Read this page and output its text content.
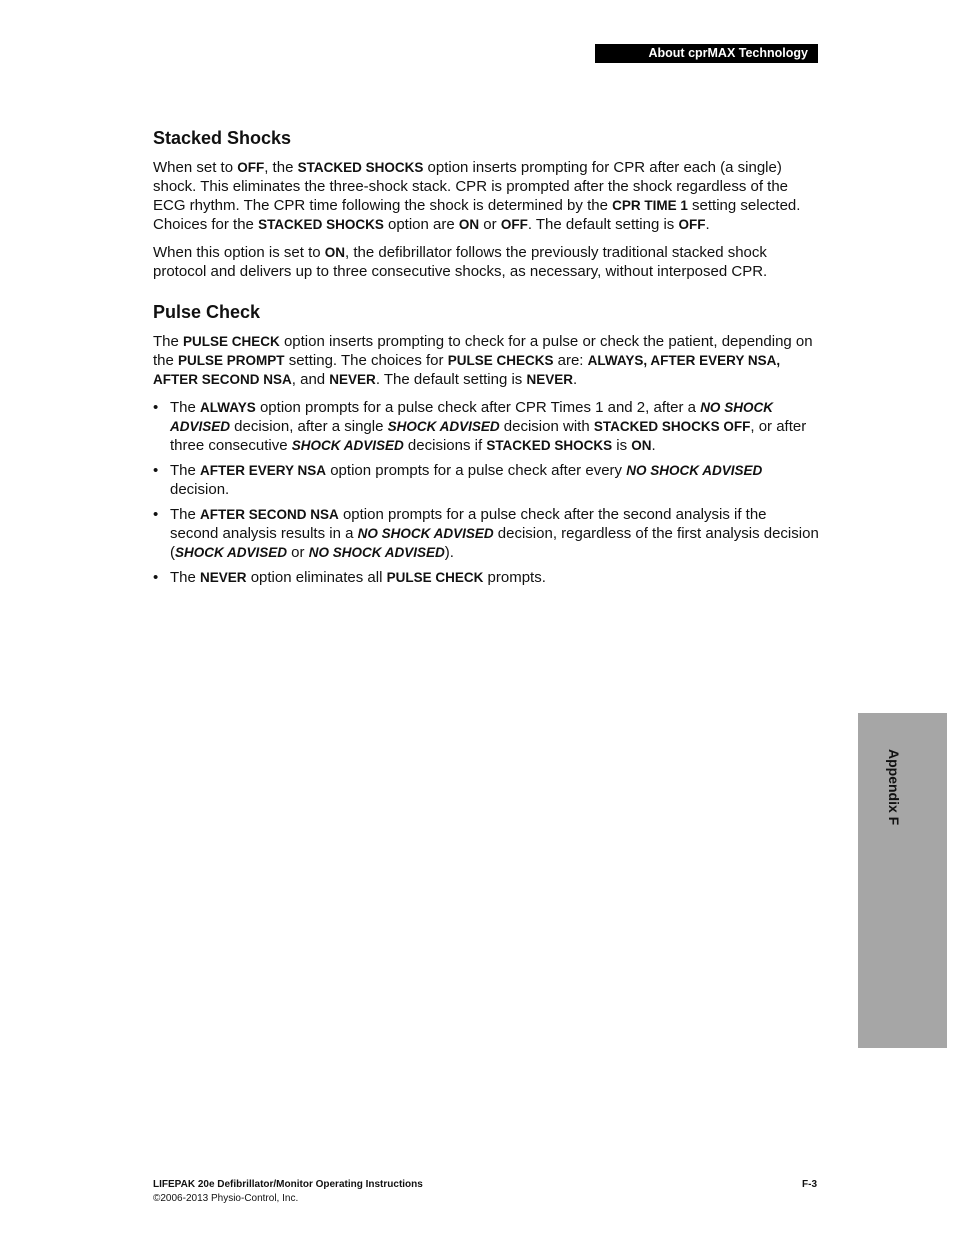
About cprMAX Technology
Stacked Shocks

When set to OFF, the STACKED SHOCKS option inserts prompting for CPR after each (a single) shock. This eliminates the three-shock stack. CPR is prompted after the shock regardless of the ECG rhythm. The CPR time following the shock is determined by the CPR TIME 1 setting selected. Choices for the STACKED SHOCKS option are ON or OFF. The default setting is OFF.

When this option is set to ON, the defibrillator follows the previously traditional stacked shock protocol and delivers up to three consecutive shocks, as necessary, without interposed CPR.

Pulse Check

The PULSE CHECK option inserts prompting to check for a pulse or check the patient, depending on the PULSE PROMPT setting. The choices for PULSE CHECKS are: ALWAYS, AFTER EVERY NSA, AFTER SECOND NSA, and NEVER. The default setting is NEVER.

• The ALWAYS option prompts for a pulse check after CPR Times 1 and 2, after a NO SHOCK ADVISED decision, after a single SHOCK ADVISED decision with STACKED SHOCKS OFF, or after three consecutive SHOCK ADVISED decisions if STACKED SHOCKS is ON.
• The AFTER EVERY NSA option prompts for a pulse check after every NO SHOCK ADVISED decision.
• The AFTER SECOND NSA option prompts for a pulse check after the second analysis if the second analysis results in a NO SHOCK ADVISED decision, regardless of the first analysis decision (SHOCK ADVISED or NO SHOCK ADVISED).
• The NEVER option eliminates all PULSE CHECK prompts.
Appendix F
LIFEPAK 20e Defibrillator/Monitor Operating Instructions
©2006-2013 Physio-Control, Inc.
F-3
